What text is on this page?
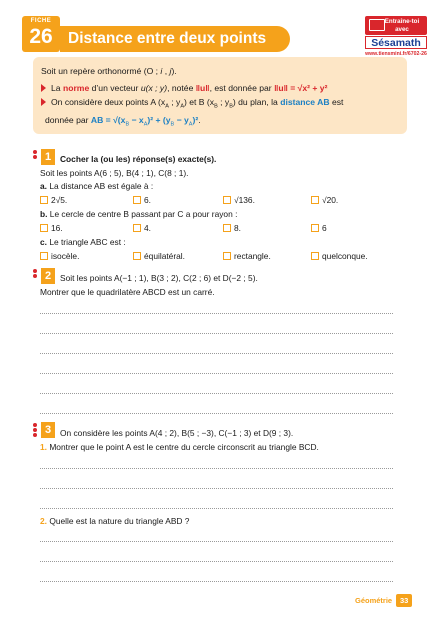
FICHE
26 Distance entre deux points
Entraîne-toi
avec
Sésamath
www.tiensmini.fr/6702-26
Soit un repère orthonormé (O ; i , j).
La norme d’un vecteur u(x ; y), notée ‖u‖, est donnée par ‖u‖ = √x² + y²
On considère deux points A ($x_A$ ; $y_A$) et B ($x_B$ ; $y_B$) du plan, la distance AB est
donnée par AB = $√(x_B - x_A)^2 + (y_B - y_A)^2$.
1	Cocher la (ou les) réponse(s) exacte(s).
Soit les points A(6 ; 5), B(4 ; 1), C(8 ; 1).
a. La distance AB est égale à :
2√5.	6.	√136.	√20.
b. Le cercle de centre B passant par C a pour rayon :
16.	4.	8.	6
c. Le triangle ABC est :
isocèle.	équilatéral.	rectangle.	quelconque.
2	Soit les points A(−1 ; 1), B(3 ; 2), C(2 ; 6) et D(−2 ; 5).
Montrer que le quadrilatère ABCD est un carré.
3	On considère les points A(4 ; 2), B(5 ; −3), C(−1 ; 3) et D(9 ; 3).
1. Montrer que le point A est le centre du cercle circonscrit au triangle BCD.
2. Quelle est la nature du triangle ABD ?
Géométrie 33
